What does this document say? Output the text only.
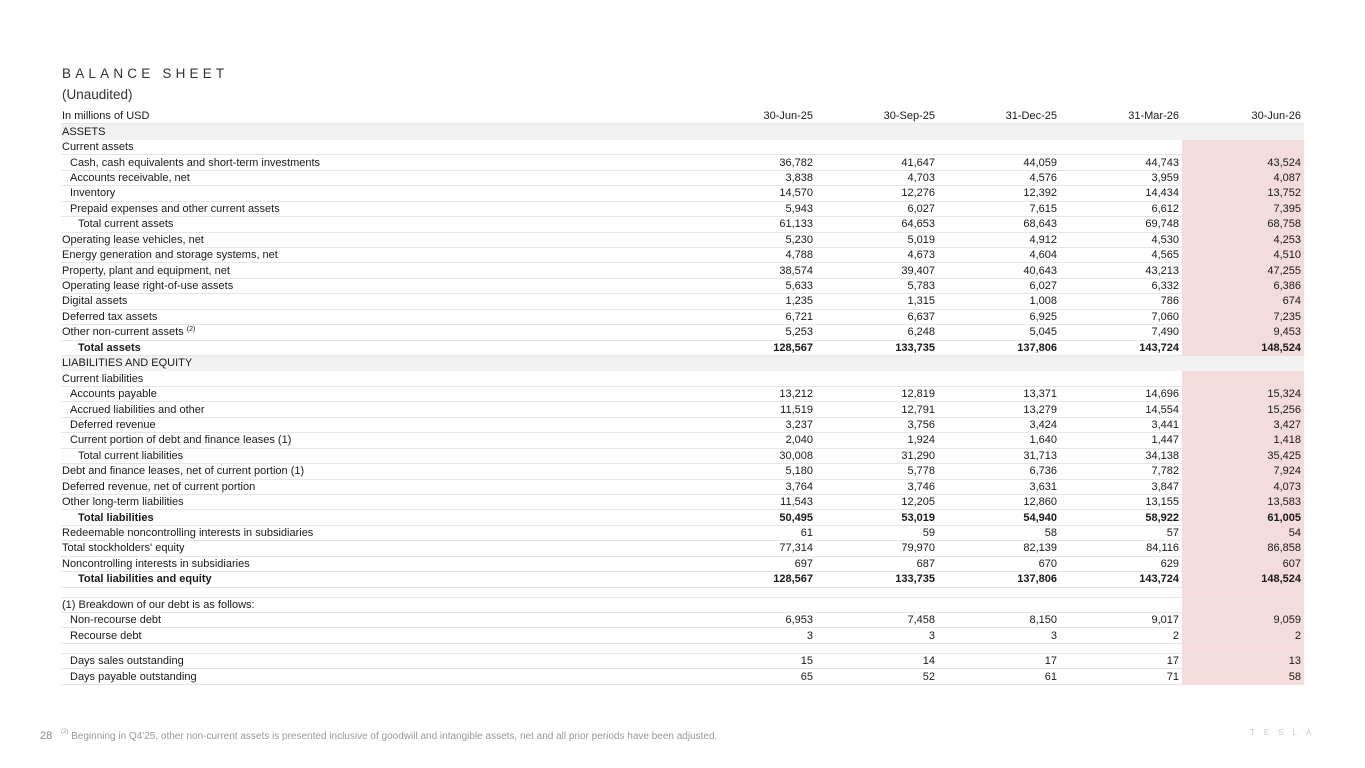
BALANCE SHEET
(Unaudited)
In millions of USD	30-Jun-25	30-Sep-25	31-Dec-25	31-Mar-26	30-Jun-26
ASSETS					
Current assets					
Cash, cash equivalents and short-term investments	36,782	41,647	44,059	44,743	43,524
Accounts receivable, net	3,838	4,703	4,576	3,959	4,087
Inventory	14,570	12,276	12,392	14,434	13,752
Prepaid expenses and other current assets	5,943	6,027	7,615	6,612	7,395
Total current assets	61,133	64,653	68,643	69,748	68,758
Operating lease vehicles, net	5,230	5,019	4,912	4,530	4,253
Energy generation and storage systems, net	4,788	4,673	4,604	4,565	4,510
Property, plant and equipment, net	38,574	39,407	40,643	43,213	47,255
Operating lease right-of-use assets	5,633	5,783	6,027	6,332	6,386
Digital assets	1,235	1,315	1,008	786	674
Deferred tax assets	6,721	6,637	6,925	7,060	7,235
Other non-current assets $^{(2)}$	5,253	6,248	5,045	7,490	9,453
Total assets	128,567	133,735	137,806	143,724	148,524
LIABILITIES AND EQUITY					
Current liabilities					
Accounts payable	13,212	12,819	13,371	14,696	15,324
Accrued liabilities and other	11,519	12,791	13,279	14,554	15,256
Deferred revenue	3,237	3,756	3,424	3,441	3,427
Current portion of debt and finance leases (1)	2,040	1,924	1,640	1,447	1,418
Total current liabilities	30,008	31,290	31,713	34,138	35,425
Debt and finance leases, net of current portion (1)	5,180	5,778	6,736	7,782	7,924
Deferred revenue, net of current portion	3,764	3,746	3,631	3,847	4,073
Other long-term liabilities	11,543	12,205	12,860	13,155	13,583
Total liabilities	50,495	53,019	54,940	58,922	61,005
Redeemable noncontrolling interests in subsidiaries	61	59	58	57	54
Total stockholders' equity	77,314	79,970	82,139	84,116	86,858
Noncontrolling interests in subsidiaries	697	687	670	629	607
Total liabilities and equity	128,567	133,735	137,806	143,724	148,524

(1) Breakdown of our debt is as follows:					
Non-recourse debt	6,953	7,458	8,150	9,017	9,059
Recourse debt	3	3	3	2	2

Days sales outstanding	15	14	17	17	13
Days payable outstanding	65	52	61	71	58
28 $^{(2)}$ Beginning in Q4'25, other non-current assets is presented inclusive of goodwill and intangible assets, net and all prior periods have been adjusted.	TESLA
